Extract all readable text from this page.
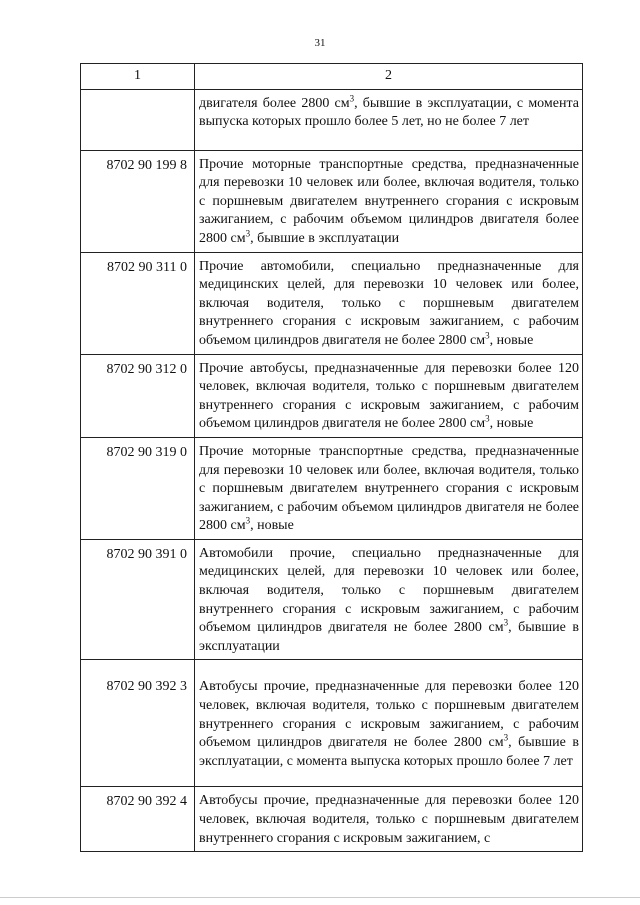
31
1	2
	двигателя более 2800 $см^3$, бывшие в эксплуатации, с момента выпуска которых прошло более 5 лет, но не более 7 лет
8702 90 199 8	Прочие моторные транспортные средства, предназначенные для перевозки 10 человек или более, включая водителя, только с поршневым двигателем внутреннего сгорания с искровым зажиганием, с рабочим объемом цилиндров двигателя более 2800 $см^3$, бывшие в эксплуатации
8702 90 311 0	Прочие автомобили, специально предназначенные для медицинских целей, для перевозки 10 человек или более, включая водителя, только с поршневым двигателем внутреннего сгорания с искровым зажиганием, с рабочим объемом цилиндров двигателя не более 2800 $см^3$, новые
8702 90 312 0	Прочие автобусы, предназначенные для перевозки более 120 человек, включая водителя, только с поршневым двигателем внутреннего сгорания с искровым зажиганием, с рабочим объемом цилиндров двигателя не более 2800 $см^3$, новые
8702 90 319 0	Прочие моторные транспортные средства, предназначенные для перевозки 10 человек или более, включая водителя, только с поршневым двигателем внутреннего сгорания с искровым зажиганием, с рабочим объемом цилиндров двигателя не более 2800 $см^3$, новые
8702 90 391 0	Автомобили прочие, специально предназначенные для медицинских целей, для перевозки 10 человек или более, включая водителя, только с поршневым двигателем внутреннего сгорания с искровым зажиганием, с рабочим объемом цилиндров двигателя не более 2800 $см^3$, бывшие в эксплуатации
8702 90 392 3	Автобусы прочие, предназначенные для перевозки более 120 человек, включая водителя, только с поршневым двигателем внутреннего сгорания с искровым зажиганием, с рабочим объемом цилиндров двигателя не более 2800 $см^3$, бывшие в эксплуатации, с момента выпуска которых прошло более 7 лет
8702 90 392 4	Автобусы прочие, предназначенные для перевозки более 120 человек, включая водителя, только с поршневым двигателем внутреннего сгорания с искровым зажиганием, с
